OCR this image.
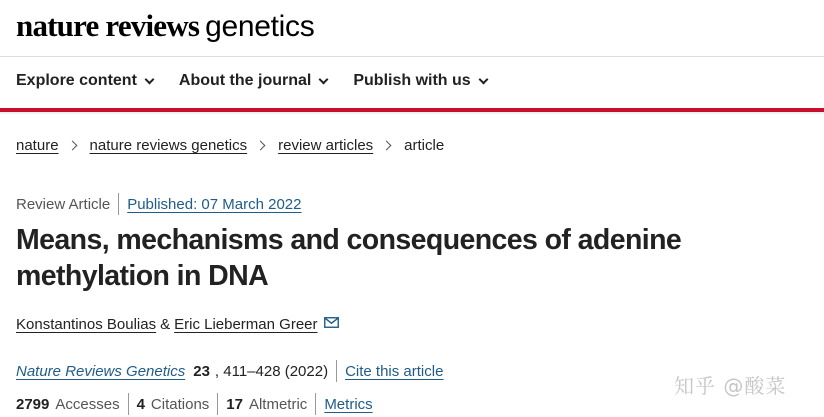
nature reviews genetics
Explore content	About the journal	Publish with us
nature nature reviews genetics review articles article
Review Article Published: 07 March 2022
Means, mechanisms and consequences of adenine methylation in DNA
Konstantinos Boulias & Eric Lieberman Greer
Nature Reviews Genetics 23 , 411–428 (2022) Cite this article
2799 Accesses 4 Citations 17 Altmetric Metrics
知乎 @酸菜
